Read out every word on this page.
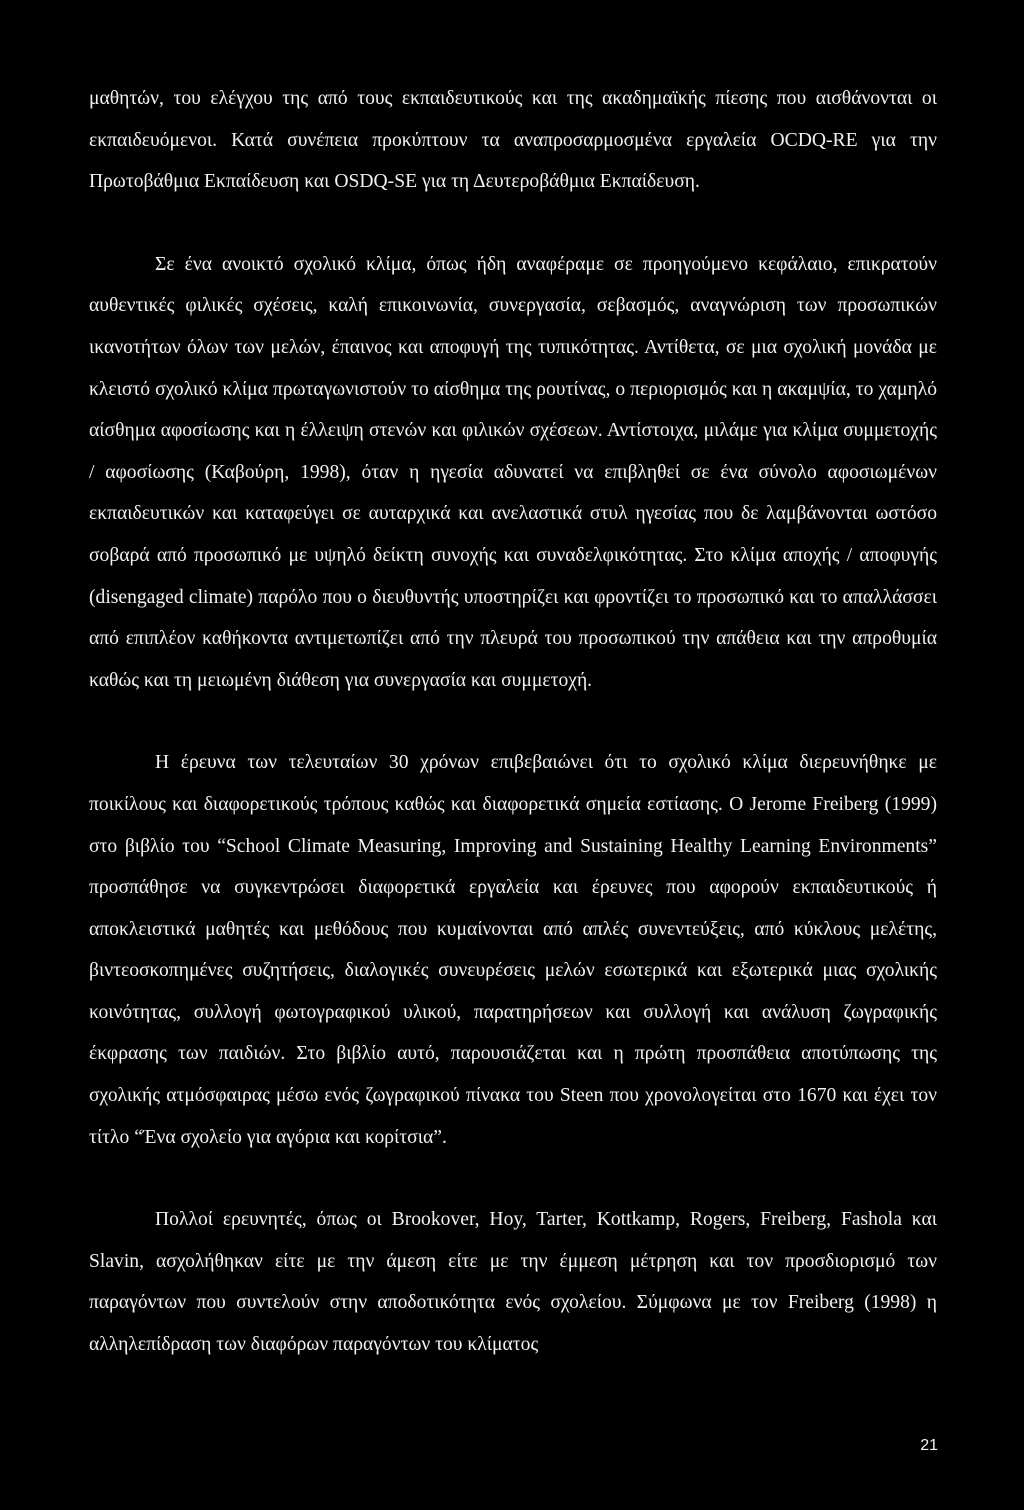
μαθητών, του ελέγχου της από τους εκπαιδευτικούς και της ακαδημαϊκής πίεσης που αισθάνονται οι εκπαιδευόμενοι. Κατά συνέπεια προκύπτουν τα αναπροσαρμοσμένα εργαλεία OCDQ-RE για την Πρωτοβάθμια Εκπαίδευση και OSDQ-SE για τη Δευτεροβάθμια Εκπαίδευση.

Σε ένα ανοικτό σχολικό κλίμα, όπως ήδη αναφέραμε σε προηγούμενο κεφάλαιο, επικρατούν αυθεντικές φιλικές σχέσεις, καλή επικοινωνία, συνεργασία, σεβασμός, αναγνώριση των προσωπικών ικανοτήτων όλων των μελών, έπαινος και αποφυγή της τυπικότητας. Αντίθετα, σε μια σχολική μονάδα με κλειστό σχολικό κλίμα πρωταγωνιστούν το αίσθημα της ρουτίνας, ο περιορισμός και η ακαμψία, το χαμηλό αίσθημα αφοσίωσης και η έλλειψη στενών και φιλικών σχέσεων. Αντίστοιχα, μιλάμε για κλίμα συμμετοχής / αφοσίωσης (Καβούρη, 1998), όταν η ηγεσία αδυνατεί να επιβληθεί σε ένα σύνολο αφοσιωμένων εκπαιδευτικών και καταφεύγει σε αυταρχικά και ανελαστικά στυλ ηγεσίας που δε λαμβάνονται ωστόσο σοβαρά από προσωπικό με υψηλό δείκτη συνοχής και συναδελφικότητας. Στο κλίμα αποχής / αποφυγής (disengaged climate) παρόλο που ο διευθυντής υποστηρίζει και φροντίζει το προσωπικό και το απαλλάσσει από επιπλέον καθήκοντα αντιμετωπίζει από την πλευρά του προσωπικού την απάθεια και την απροθυμία καθώς και τη μειωμένη διάθεση για συνεργασία και συμμετοχή.

Η έρευνα των τελευταίων 30 χρόνων επιβεβαιώνει ότι το σχολικό κλίμα διερευνήθηκε με ποικίλους και διαφορετικούς τρόπους καθώς και διαφορετικά σημεία εστίασης. Ο Jerome Freiberg (1999) στο βιβλίο του “School Climate Measuring, Improving and Sustaining Healthy Learning Environments” προσπάθησε να συγκεντρώσει διαφορετικά εργαλεία και έρευνες που αφορούν εκπαιδευτικούς ή αποκλειστικά μαθητές και μεθόδους που κυμαίνονται από απλές συνεντεύξεις, από κύκλους μελέτης, βιντεοσκοπημένες συζητήσεις, διαλογικές συνευρέσεις μελών εσωτερικά και εξωτερικά μιας σχολικής κοινότητας, συλλογή φωτογραφικού υλικού, παρατηρήσεων και συλλογή και ανάλυση ζωγραφικής έκφρασης των παιδιών. Στο βιβλίο αυτό, παρουσιάζεται και η πρώτη προσπάθεια αποτύπωσης της σχολικής ατμόσφαιρας μέσω ενός ζωγραφικού πίνακα του Steen που χρονολογείται στο 1670 και έχει τον τίτλο “Ένα σχολείο για αγόρια και κορίτσια”.

Πολλοί ερευνητές, όπως οι Brookover, Hoy, Tarter, Kottkamp, Rogers, Freiberg, Fashola και Slavin, ασχολήθηκαν είτε με την άμεση είτε με την έμμεση μέτρηση και τον προσδιορισμό των παραγόντων που συντελούν στην αποδοτικότητα ενός σχολείου. Σύμφωνα με τον Freiberg (1998) η αλληλεπίδραση των διαφόρων παραγόντων του κλίματος

21
